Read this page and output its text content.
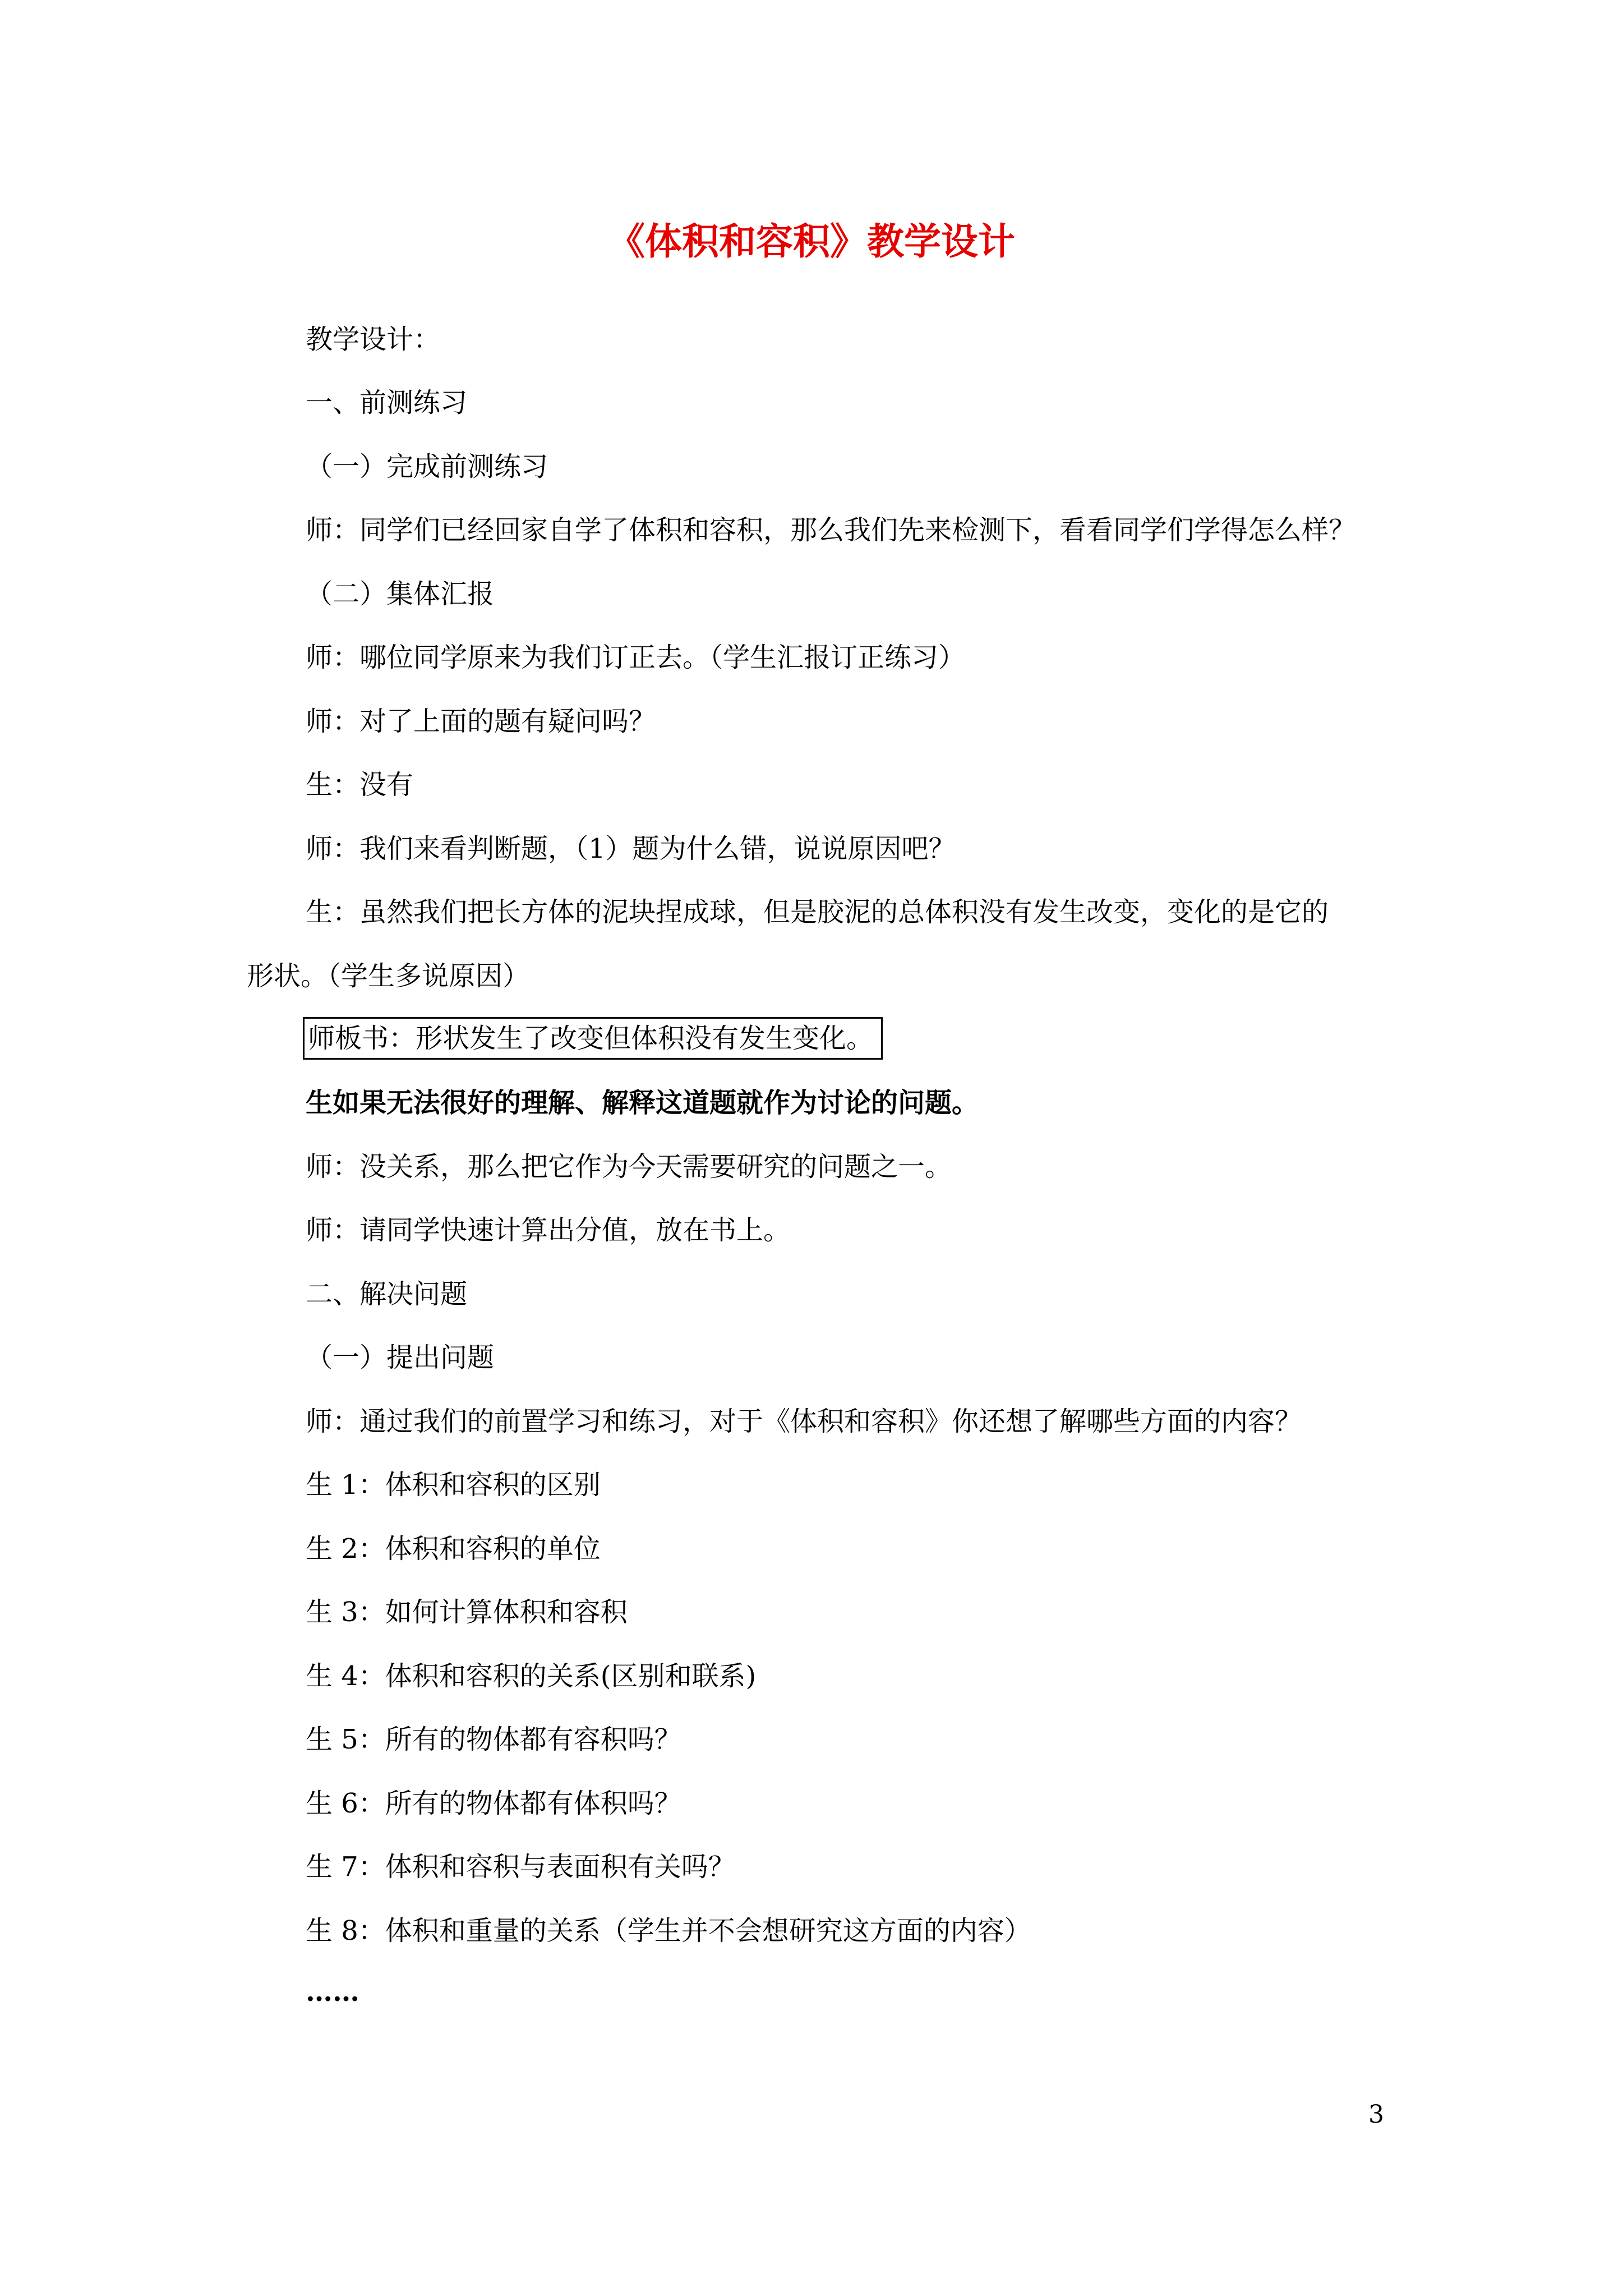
《体积和容积》教学设计
教学设计：
一、前测练习
（一）完成前测练习
师：同学们已经回家自学了体积和容积，那么我们先来检测下，看看同学们学得怎么样？
（二）集体汇报
师：哪位同学原来为我们订正去。（学生汇报订正练习）
师：对了上面的题有疑问吗？
生：没有
师：我们来看判断题，（1）题为什么错，说说原因吧？
生：虽然我们把长方体的泥块捏成球，但是胶泥的总体积没有发生改变，变化的是它的
形状。（学生多说原因）
师板书：形状发生了改变但体积没有发生变化。
生如果无法很好的理解、解释这道题就作为讨论的问题。
师：没关系，那么把它作为今天需要研究的问题之一。
师：请同学快速计算出分值，放在书上。
二、解决问题
（一）提出问题
师：通过我们的前置学习和练习，对于《体积和容积》你还想了解哪些方面的内容？
生 1：体积和容积的区别
生 2：体积和容积的单位
生 3：如何计算体积和容积
生 4：体积和容积的关系(区别和联系)
生 5：所有的物体都有容积吗？
生 6：所有的物体都有体积吗？
生 7：体积和容积与表面积有关吗？
生 8：体积和重量的关系（学生并不会想研究这方面的内容）
……
3
